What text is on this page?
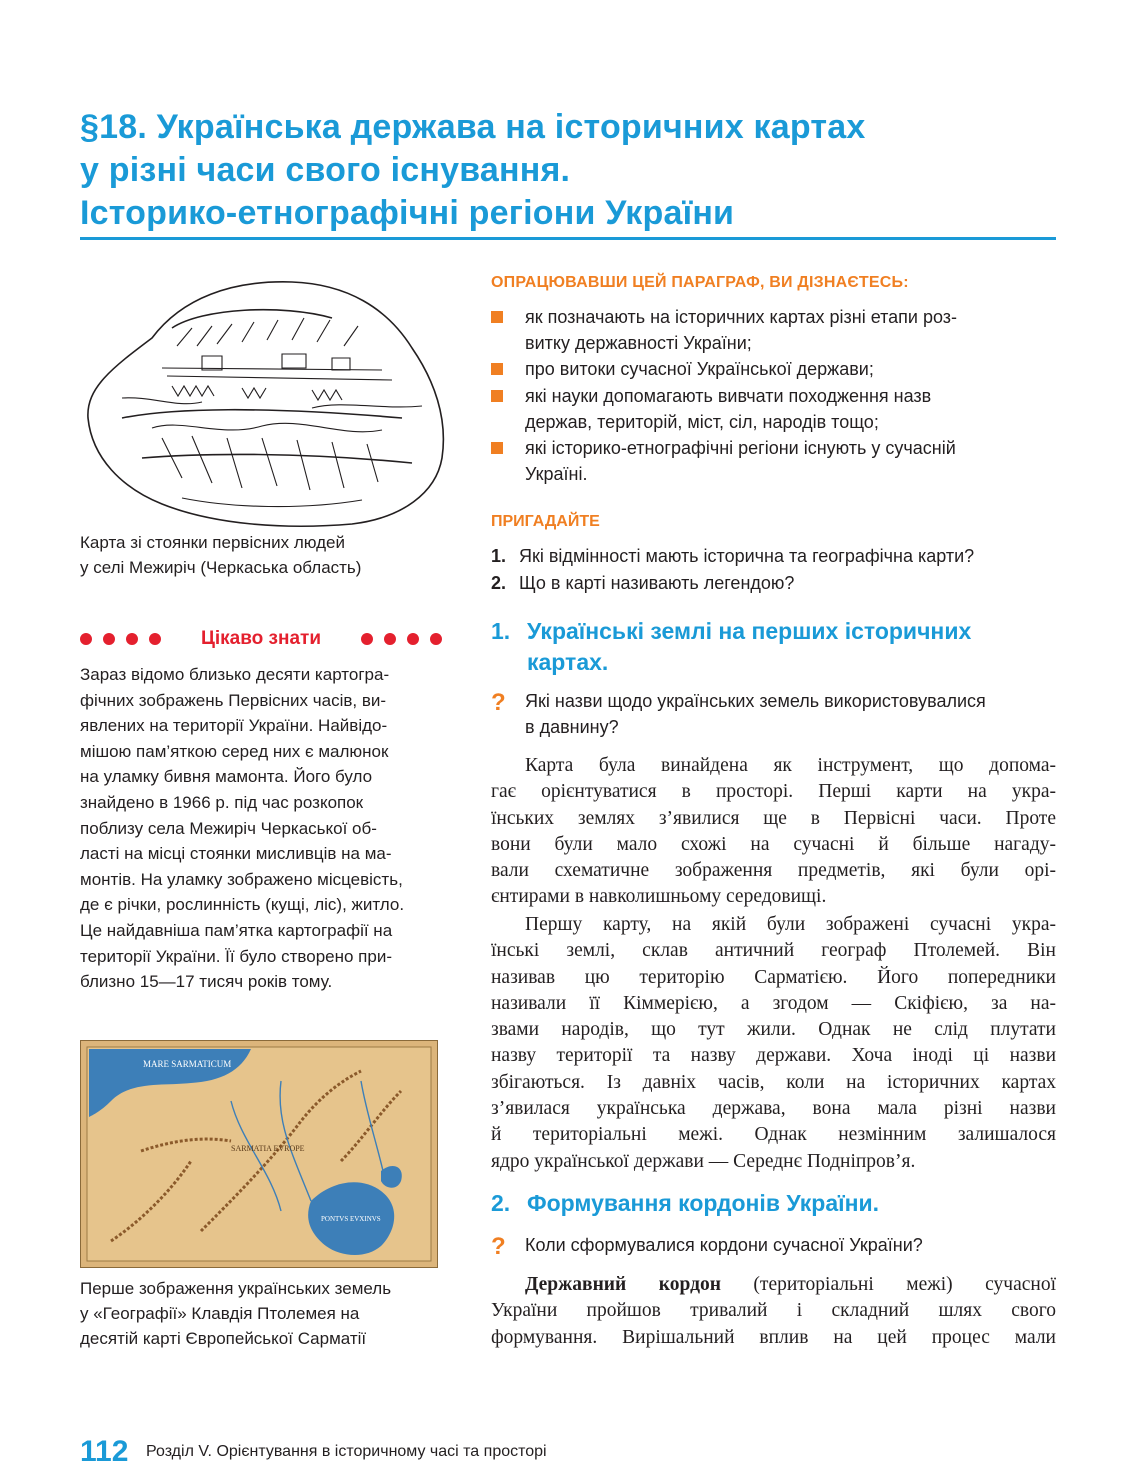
§18. Українська держава на історичних картах
у різні часи свого існування.
Історико-етнографічні регіони України
Карта зі стоянки первісних людей
у селі Межиріч (Черкаська область)
Цікаво знати
Зараз відомо близько десяти картогра-
фічних зображень Первісних часів, ви-
явлених на території України. Найвідо-
мішою пам’яткою серед них є малюнок
на уламку бивня мамонта. Його було
знайдено в 1966 р. під час розкопок
поблизу села Межиріч Черкаської об-
ласті на місці стоянки мисливців на ма-
монтів. На уламку зображено місцевість,
де є річки, рослинність (кущі, ліс), житло.
Це найдавніша пам’ятка картографії на
території України. Її було створено при-
близно 15—17 тисяч років тому.
MARE SARMATICUM
SARMATIA EVROPE
PONTVS EVXINVS
Перше зображення українських земель
у «Географії» Клавдія Птолемея на
десятій карті Європейської Сарматії
ОПРАЦЮВАВШИ ЦЕЙ ПАРАГРАФ, ВИ ДІЗНАЄТЕСЬ:
як позначають на історичних картах різні етапи роз-
витку державності України;
про витоки сучасної Української держави;
які науки допомагають вивчати походження назв
держав, територій, міст, сіл, народів тощо;
які історико-етнографічні регіони існують у сучасній
Україні.
ПРИГАДАЙТЕ
1. Які відмінності мають історична та географічна карти?
2. Що в карті називають легендою?
1. Українські землі на перших історичних
картах.
? Які назви щодо українських земель використовувалися
в давнину?
Карта була винайдена як інструмент, що допома-
гає орієнтуватися в просторі. Перші карти на укра-
їнських землях з’явилися ще в Первісні часи. Проте
вони були мало схожі на сучасні й більше нагаду-
вали схематичне зображення предметів, які були орі-
єнтирами в навколишньому середовищі.
Першу карту, на якій були зображені сучасні укра-
їнські землі, склав античний географ Птолемей. Він
називав цю територію Сарматією. Його попередники
називали її Кіммерією, а згодом — Скіфією, за на-
звами народів, що тут жили. Однак не слід плутати
назву території та назву держави. Хоча іноді ці назви
збігаються. Із давніх часів, коли на історичних картах
з’явилася українська держава, вона мала різні назви
й територіальні межі. Однак незмінним залишалося
ядро української держави — Середнє Подніпров’я.
2. Формування кордонів України.
? Коли сформувалися кордони сучасної України?
Державний кордон (територіальні межі) сучасної
України пройшов тривалий і складний шлях свого
формування. Вирішальний вплив на цей процес мали
112 Розділ V. Орієнтування в історичному часі та просторі
